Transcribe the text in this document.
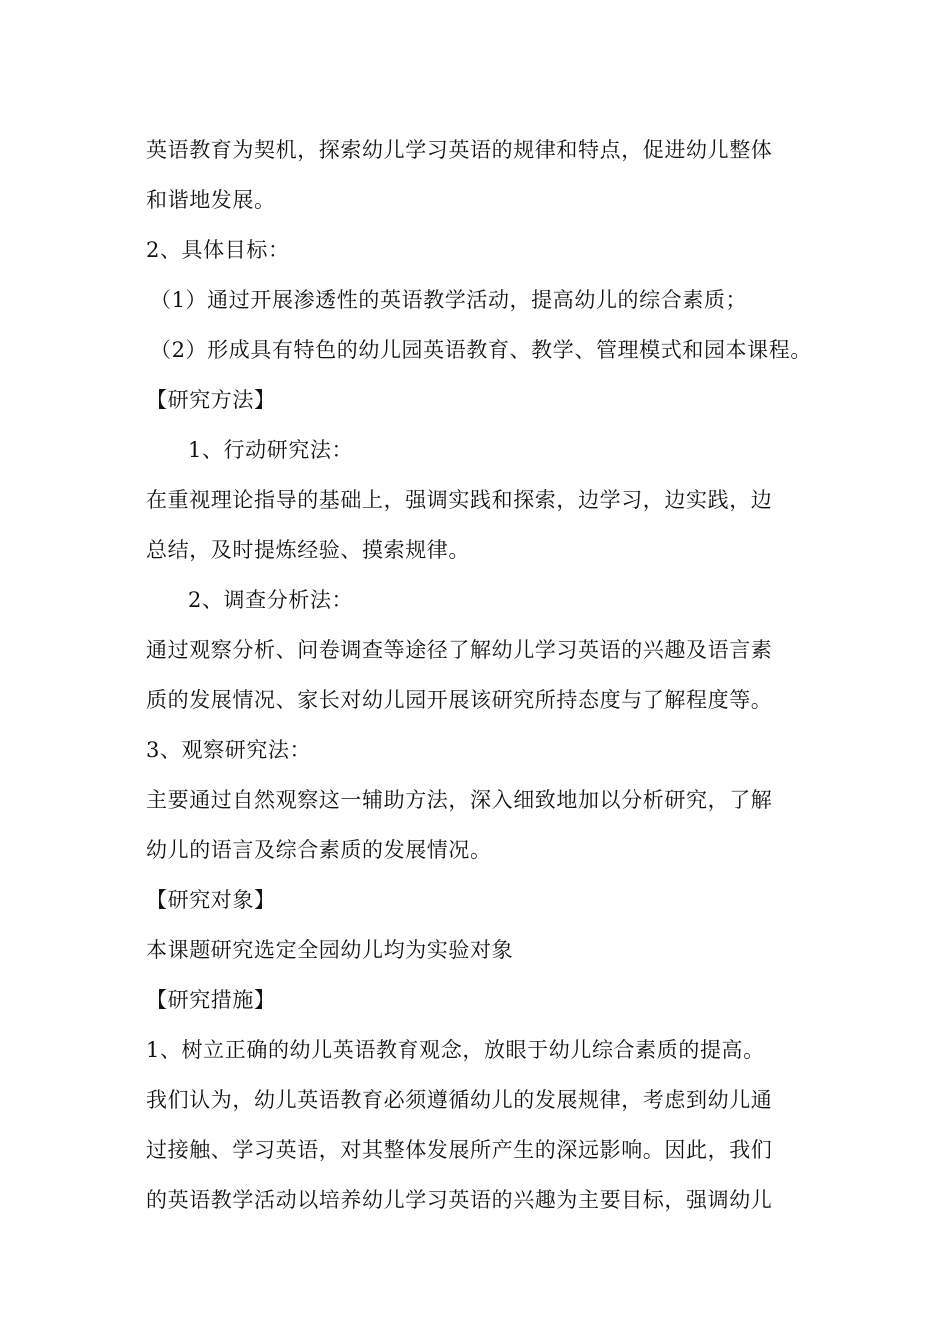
英语教育为契机，探索幼儿学习英语的规律和特点，促进幼儿整体
和谐地发展。
2、具体目标：
（1）通过开展渗透性的英语教学活动，提高幼儿的综合素质；
（2）形成具有特色的幼儿园英语教育、教学、管理模式和园本课程。
【研究方法】
1、行动研究法：
在重视理论指导的基础上，强调实践和探索，边学习，边实践，边
总结，及时提炼经验、摸索规律。
2、调查分析法：
通过观察分析、问卷调查等途径了解幼儿学习英语的兴趣及语言素
质的发展情况、家长对幼儿园开展该研究所持态度与了解程度等。
3、观察研究法：
主要通过自然观察这一辅助方法，深入细致地加以分析研究，了解
幼儿的语言及综合素质的发展情况。
【研究对象】
本课题研究选定全园幼儿均为实验对象
【研究措施】
1、树立正确的幼儿英语教育观念，放眼于幼儿综合素质的提高。
我们认为，幼儿英语教育必须遵循幼儿的发展规律，考虑到幼儿通
过接触、学习英语，对其整体发展所产生的深远影响。因此，我们
的英语教学活动以培养幼儿学习英语的兴趣为主要目标，强调幼儿
